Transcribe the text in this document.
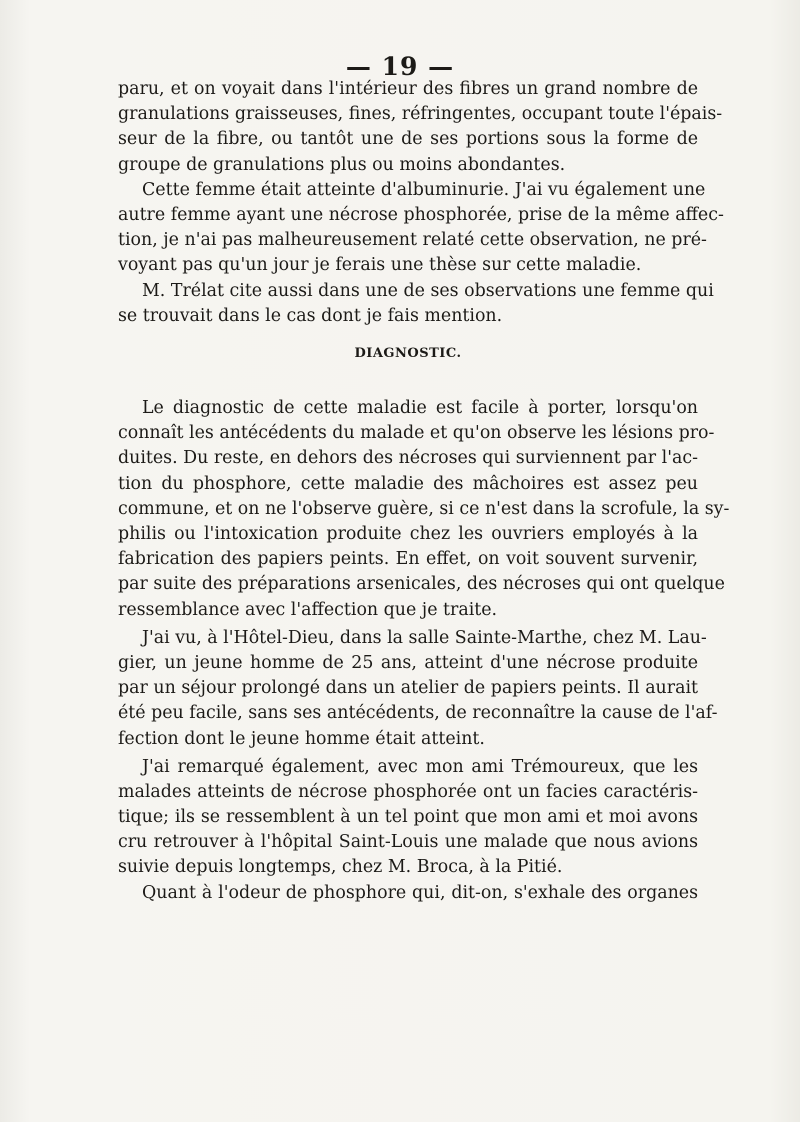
— 19 —
paru, et on voyait dans l'intérieur des fibres un grand nombre de
granulations graisseuses, fines, réfringentes, occupant toute l'épais-
seur de la fibre, ou tantôt une de ses portions sous la forme de
groupe de granulations plus ou moins abondantes.
Cette femme était atteinte d'albuminurie. J'ai vu également une
autre femme ayant une nécrose phosphorée, prise de la même affec-
tion, je n'ai pas malheureusement relaté cette observation, ne pré-
voyant pas qu'un jour je ferais une thèse sur cette maladie.
M. Trélat cite aussi dans une de ses observations une femme qui
se trouvait dans le cas dont je fais mention.
DIAGNOSTIC.
Le diagnostic de cette maladie est facile à porter, lorsqu'on
connaît les antécédents du malade et qu'on observe les lésions pro-
duites. Du reste, en dehors des nécroses qui surviennent par l'ac-
tion du phosphore, cette maladie des mâchoires est assez peu
commune, et on ne l'observe guère, si ce n'est dans la scrofule, la sy-
philis ou l'intoxication produite chez les ouvriers employés à la
fabrication des papiers peints. En effet, on voit souvent survenir,
par suite des préparations arsenicales, des nécroses qui ont quelque
ressemblance avec l'affection que je traite.
J'ai vu, à l'Hôtel-Dieu, dans la salle Sainte-Marthe, chez M. Lau-
gier, un jeune homme de 25 ans, atteint d'une nécrose produite
par un séjour prolongé dans un atelier de papiers peints. Il aurait
été peu facile, sans ses antécédents, de reconnaître la cause de l'af-
fection dont le jeune homme était atteint.
J'ai remarqué également, avec mon ami Trémoureux, que les
malades atteints de nécrose phosphorée ont un facies caractéris-
tique; ils se ressemblent à un tel point que mon ami et moi avons
cru retrouver à l'hôpital Saint-Louis une malade que nous avions
suivie depuis longtemps, chez M. Broca, à la Pitié.
Quant à l'odeur de phosphore qui, dit-on, s'exhale des organes
